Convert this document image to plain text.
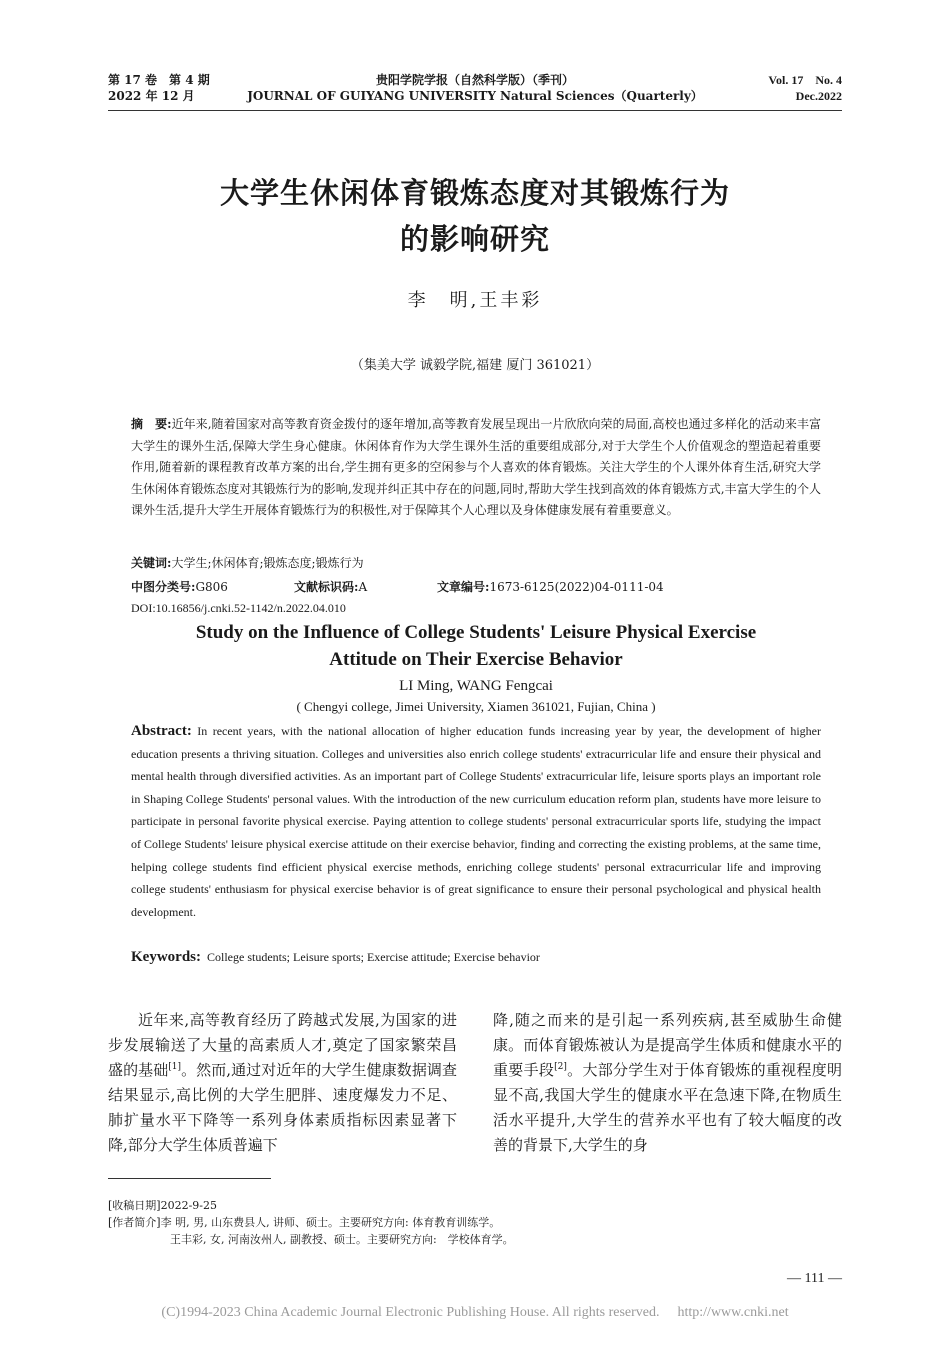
第 17 卷　第 4 期
2022 年 12 月
贵阳学院学报（自然科学版）（季刊）
JOURNAL OF GUIYANG UNIVERSITY Natural Sciences（Quarterly）
Vol. 17　No. 4
Dec.2022
大学生休闲体育锻炼态度对其锻炼行为
的影响研究
李　明,王丰彩
（集美大学 诚毅学院,福建 厦门 361021）
摘　要:近年来,随着国家对高等教育资金拨付的逐年增加,高等教育发展呈现出一片欣欣向荣的局面,高校也通过多样化的活动来丰富大学生的课外生活,保障大学生身心健康。休闲体育作为大学生课外生活的重要组成部分,对于大学生个人价值观念的塑造起着重要作用,随着新的课程教育改革方案的出台,学生拥有更多的空闲参与个人喜欢的体育锻炼。关注大学生的个人课外体育生活,研究大学生休闲体育锻炼态度对其锻炼行为的影响,发现并纠正其中存在的问题,同时,帮助大学生找到高效的体育锻炼方式,丰富大学生的个人课外生活,提升大学生开展体育锻炼行为的积极性,对于保障其个人心理以及身体健康发展有着重要意义。
关键词:大学生;休闲体育;锻炼态度;锻炼行为
中图分类号:G806	文献标识码:A	文章编号:1673-6125(2022)04-0111-04
DOI:10.16856/j.cnki.52-1142/n.2022.04.010
Study on the Influence of College Students' Leisure Physical Exercise
Attitude on Their Exercise Behavior
LI Ming, WANG Fengcai
( Chengyi college, Jimei University, Xiamen 361021, Fujian, China )
Abstract: In recent years, with the national allocation of higher education funds increasing year by year, the development of higher education presents a thriving situation. Colleges and universities also enrich college students' extracurricular life and ensure their physical and mental health through diversified activities. As an important part of College Students' extracurricular life, leisure sports plays an important role in Shaping College Students' personal values. With the introduction of the new curriculum education reform plan, students have more leisure to participate in personal favorite physical exercise. Paying attention to college students' personal extracurricular sports life, studying the impact of College Students' leisure physical exercise attitude on their exercise behavior, finding and correcting the existing problems, at the same time, helping college students find efficient physical exercise methods, enriching college students' personal extracurricular life and improving college students' enthusiasm for physical exercise behavior is of great significance to ensure their personal psychological and physical health development.
Keywords: College students; Leisure sports; Exercise attitude; Exercise behavior
近年来,高等教育经历了跨越式发展,为国家的进步发展输送了大量的高素质人才,奠定了国家繁荣昌盛的基础[1]。然而,通过对近年的大学生健康数据调查结果显示,高比例的大学生肥胖、速度爆发力不足、肺扩量水平下降等一系列身体素质指标因素显著下降,部分大学生体质普遍下
降,随之而来的是引起一系列疾病,甚至威胁生命健康。而体育锻炼被认为是提高学生体质和健康水平的重要手段[2]。大部分学生对于体育锻炼的重视程度明显不高,我国大学生的健康水平在急速下降,在物质生活水平提升,大学生的营养水平也有了较大幅度的改善的背景下,大学生的身
[收稿日期]2022-9-25
[作者简介]李 明, 男, 山东费县人, 讲师、硕士。主要研究方向: 体育教育训练学。
王丰彩, 女, 河南汝州人, 副教授、硕士。主要研究方向:　学校体育学。
— 111 —
(C)1994-2023 China Academic Journal Electronic Publishing House. All rights reserved. http://www.cnki.net
